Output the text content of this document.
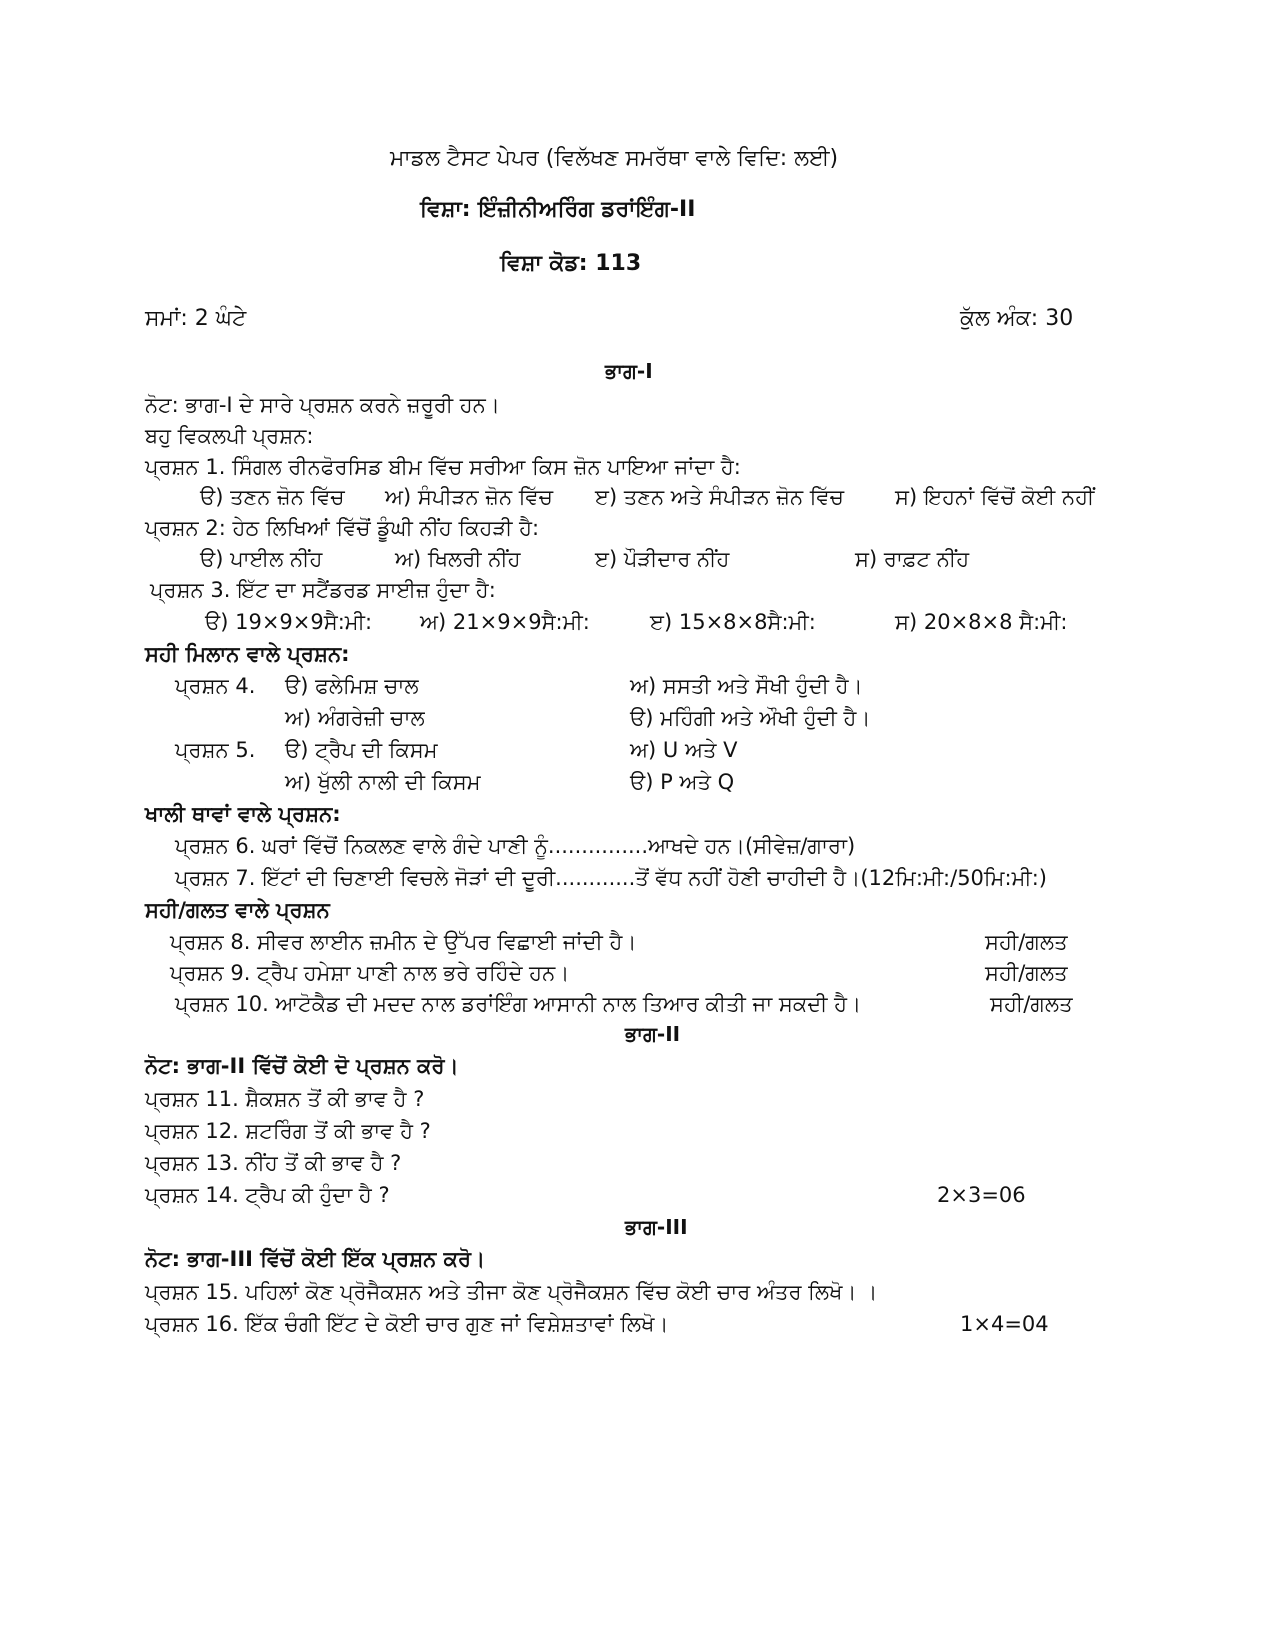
ਮਾਡਲ ਟੈਸਟ ਪੇਪਰ (ਵਿਲੱਖਣ ਸਮਰੱਥਾ ਵਾਲੇ ਵਿਦਿ: ਲਈ)
ਵਿਸ਼ਾ: ਇੰਜ਼ੀਨੀਅਰਿੰਗ ਡਰਾਂਇੰਗ-II
ਵਿਸ਼ਾ ਕੋਡ: 113
ਸਮਾਂ: 2 ਘੰਟੇ	ਕੁੱਲ ਅੰਕ: 30
ਭਾਗ-I
ਨੋਟ: ਭਾਗ-I ਦੇ ਸਾਰੇ ਪ੍ਰਸ਼ਨ ਕਰਨੇ ਜ਼ਰੂਰੀ ਹਨ।
ਬਹੁ ਵਿਕਲਪੀ ਪ੍ਰਸ਼ਨ:
ਪ੍ਰਸ਼ਨ 1. ਸਿੰਗਲ ਰੀਨਫੋਰਸਿਡ ਬੀਮ ਵਿੱਚ ਸਰੀਆ ਕਿਸ ਜ਼ੋਨ ਪਾਇਆ ਜਾਂਦਾ ਹੈ:
ੳ) ਤਣਨ ਜ਼ੋਨ ਵਿੱਚ ਅ) ਸੰਪੀੜਨ ਜ਼ੋਨ ਵਿੱਚ ੲ) ਤਣਨ ਅਤੇ ਸੰਪੀੜਨ ਜ਼ੋਨ ਵਿੱਚ ਸ) ਇਹਨਾਂ ਵਿੱਚੋਂ ਕੋਈ ਨਹੀਂ
ਪ੍ਰਸ਼ਨ 2: ਹੇਠ ਲਿਖਿਆਂ ਵਿੱਚੋਂ ਡੂੰਘੀ ਨੀਂਹ ਕਿਹੜੀ ਹੈ:
ੳ) ਪਾਈਲ ਨੀਂਹ	ਅ) ਖਿਲਰੀ ਨੀਂਹ	ੲ) ਪੌੜੀਦਾਰ ਨੀਂਹ	ਸ) ਰਾਫ਼ਟ ਨੀਂਹ
ਪ੍ਰਸ਼ਨ 3. ਇੱਟ ਦਾ ਸਟੈਂਡਰਡ ਸਾਈਜ਼ ਹੁੰਦਾ ਹੈ:
ੳ) 19×9×9ਸੈ:ਮੀ: ਅ) 21×9×9ਸੈ:ਮੀ:	ੲ) 15×8×8ਸੈ:ਮੀ:	ਸ) 20×8×8 ਸੈ:ਮੀ:
ਸਹੀ ਮਿਲਾਨ ਵਾਲੇ ਪ੍ਰਸ਼ਨ:
ਪ੍ਰਸ਼ਨ 4. ੳ) ਫਲੇਮਿਸ਼ ਚਾਲ	ਅ) ਸਸਤੀ ਅਤੇ ਸੌਖੀ ਹੁੰਦੀ ਹੈ।
ਅ) ਅੰਗਰੇਜ਼ੀ ਚਾਲ	ੳ) ਮਹਿੰਗੀ ਅਤੇ ਔਖੀ ਹੁੰਦੀ ਹੈ।
ਪ੍ਰਸ਼ਨ 5. ੳ) ਟ੍ਰੈਪ ਦੀ ਕਿਸਮ	ਅ) U ਅਤੇ V
ਅ) ਖੁੱਲੀ ਨਾਲੀ ਦੀ ਕਿਸਮ	ੳ) P ਅਤੇ Q
ਖਾਲੀ ਥਾਵਾਂ ਵਾਲੇ ਪ੍ਰਸ਼ਨ:
ਪ੍ਰਸ਼ਨ 6. ਘਰਾਂ ਵਿੱਚੋਂ ਨਿਕਲਣ ਵਾਲੇ ਗੰਦੇ ਪਾਣੀ ਨੂੰ...............ਆਖਦੇ ਹਨ।(ਸੀਵੇਜ਼/ਗਾਰਾ)
ਪ੍ਰਸ਼ਨ 7. ਇੱਟਾਂ ਦੀ ਚਿਣਾਈ ਵਿਚਲੇ ਜੋੜਾਂ ਦੀ ਦੂਰੀ............ਤੋਂ ਵੱਧ ਨਹੀਂ ਹੋਣੀ ਚਾਹੀਦੀ ਹੈ।(12ਮਿ:ਮੀ:/50ਮਿ:ਮੀ:)
ਸਹੀ/ਗਲਤ ਵਾਲੇ ਪ੍ਰਸ਼ਨ
ਪ੍ਰਸ਼ਨ 8. ਸੀਵਰ ਲਾਈਨ ਜ਼ਮੀਨ ਦੇ ਉੱਪਰ ਵਿਛਾਈ ਜਾਂਦੀ ਹੈ।	ਸਹੀ/ਗਲਤ
ਪ੍ਰਸ਼ਨ 9. ਟ੍ਰੈਪ ਹਮੇਸ਼ਾ ਪਾਣੀ ਨਾਲ ਭਰੇ ਰਹਿੰਦੇ ਹਨ।	ਸਹੀ/ਗਲਤ
ਪ੍ਰਸ਼ਨ 10. ਆਟੋਕੈਡ ਦੀ ਮਦਦ ਨਾਲ ਡਰਾਂਇੰਗ ਆਸਾਨੀ ਨਾਲ ਤਿਆਰ ਕੀਤੀ ਜਾ ਸਕਦੀ ਹੈ।	ਸਹੀ/ਗਲਤ
ਭਾਗ-II
ਨੋਟ: ਭਾਗ-II ਵਿੱਚੋਂ ਕੋਈ ਦੋ ਪ੍ਰਸ਼ਨ ਕਰੋ।
ਪ੍ਰਸ਼ਨ 11. ਸ਼ੈਕਸ਼ਨ ਤੋਂ ਕੀ ਭਾਵ ਹੈ ?
ਪ੍ਰਸ਼ਨ 12. ਸ਼ਟਰਿੰਗ ਤੋਂ ਕੀ ਭਾਵ ਹੈ ?
ਪ੍ਰਸ਼ਨ 13. ਨੀਂਹ ਤੋਂ ਕੀ ਭਾਵ ਹੈ ?
ਪ੍ਰਸ਼ਨ 14. ਟ੍ਰੈਪ ਕੀ ਹੁੰਦਾ ਹੈ ?	2×3=06
ਭਾਗ-III
ਨੋਟ: ਭਾਗ-III ਵਿੱਚੋਂ ਕੋਈ ਇੱਕ ਪ੍ਰਸ਼ਨ ਕਰੋ।
ਪ੍ਰਸ਼ਨ 15. ਪਹਿਲਾਂ ਕੋਣ ਪ੍ਰੋਜੈਕਸ਼ਨ ਅਤੇ ਤੀਜਾ ਕੋਣ ਪ੍ਰੋਜੈਕਸ਼ਨ ਵਿੱਚ ਕੋਈ ਚਾਰ ਅੰਤਰ ਲਿਖੋ। ।
ਪ੍ਰਸ਼ਨ 16. ਇੱਕ ਚੰਗੀ ਇੱਟ ਦੇ ਕੋਈ ਚਾਰ ਗੁਣ ਜਾਂ ਵਿਸ਼ੇਸ਼ਤਾਵਾਂ ਲਿਖੋ।	1×4=04
